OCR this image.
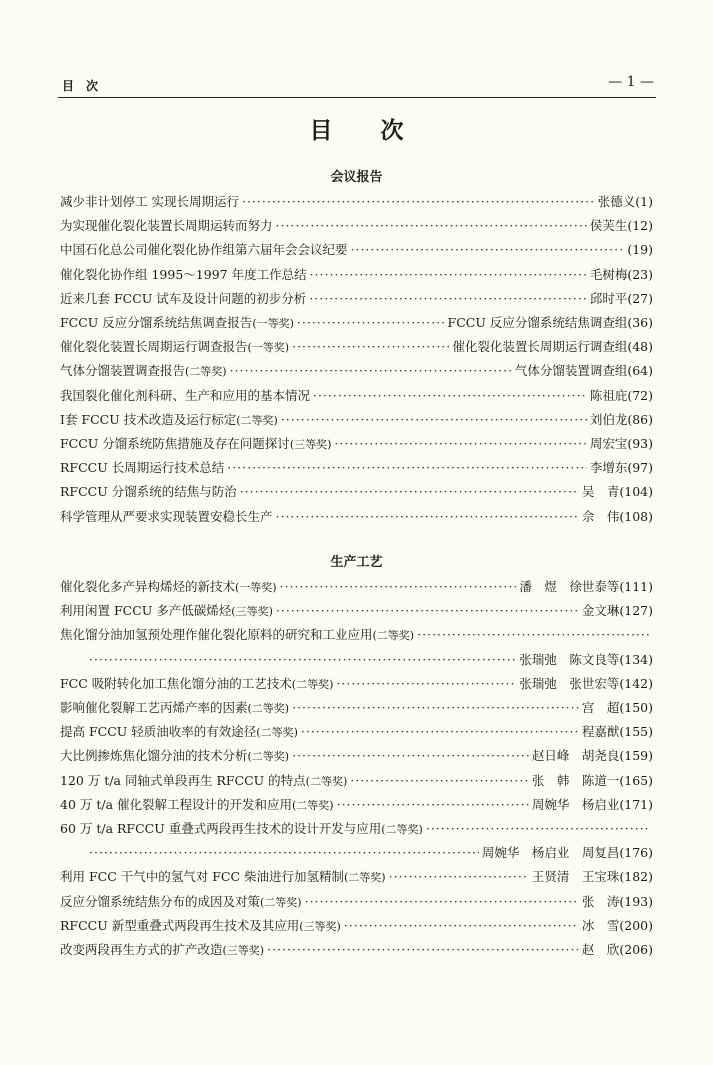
目　次	— 1 —
目次
会议报告
减少非计划停工 实现长周期运行 ·····	张德义(1)
为实现催化裂化装置长周期运转而努力 ·····	侯芙生(12)
中国石化总公司催化裂化协作组第六届年会会议纪要 ·····	(19)
催化裂化协作组 1995～1997 年度工作总结 ·····	毛树梅(23)
近来几套 FCCU 试车及设计问题的初步分析 ·····	邱时平(27)
FCCU 反应分馏系统结焦调查报告(一等奖) ·····	FCCU 反应分馏系统结焦调查组(36)
催化裂化装置长周期运行调查报告(一等奖) ·····	催化裂化装置长周期运行调查组(48)
气体分馏装置调查报告(二等奖) ·····	气体分馏装置调查组(64)
我国裂化催化剂科研、生产和应用的基本情况 ·····	陈祖庇(72)
Ⅰ套 FCCU 技术改造及运行标定(二等奖) ·····	刘伯龙(86)
FCCU 分馏系统防焦措施及存在问题探讨(三等奖) ·····	周宏宝(93)
RFCCU 长周期运行技术总结 ·····	李增东(97)
RFCCU 分馏系统的结焦与防治 ·····	吴　青(104)
科学管理从严要求实现装置安稳长生产 ·····	佘　伟(108)
生产工艺
催化裂化多产异构烯烃的新技术(一等奖) ·····	潘　煜　徐世泰等(111)
利用闲置 FCCU 多产低碳烯烃(三等奖) ·····	金文琳(127)
焦化馏分油加氢预处理作催化裂化原料的研究和工业应用(二等奖)
·····
·····
张瑞弛　陈文良等(134)
FCC 吸附转化加工焦化馏分油的工艺技术(二等奖) ·····	张瑞弛　张世宏等(142)
影响催化裂解工艺丙烯产率的因素(二等奖) ·····	宫　超(150)
提高 FCCU 轻质油收率的有效途径(二等奖) ·····	程嘉猷(155)
大比例掺炼焦化馏分油的技术分析(二等奖) ·····	赵日峰　胡尧良(159)
120 万 t/a 同轴式单段再生 RFCCU 的特点(二等奖) ·····	张　韩　陈道一(165)
40 万 t/a 催化裂解工程设计的开发和应用(二等奖) ·····	周婉华　杨启业(171)
60 万 t/a RFCCU 重叠式两段再生技术的设计开发与应用(二等奖)
·····
·····
周婉华　杨启业　周复昌(176)
利用 FCC 干气中的氢气对 FCC 柴油进行加氢精制(二等奖) ·····	王贤清　王宝珠(182)
反应分馏系统结焦分布的成因及对策(二等奖) ·····	张　涛(193)
RFCCU 新型重叠式两段再生技术及其应用(三等奖) ·····	冰　雪(200)
改变两段再生方式的扩产改造(三等奖) ·····	赵　欣(206)
